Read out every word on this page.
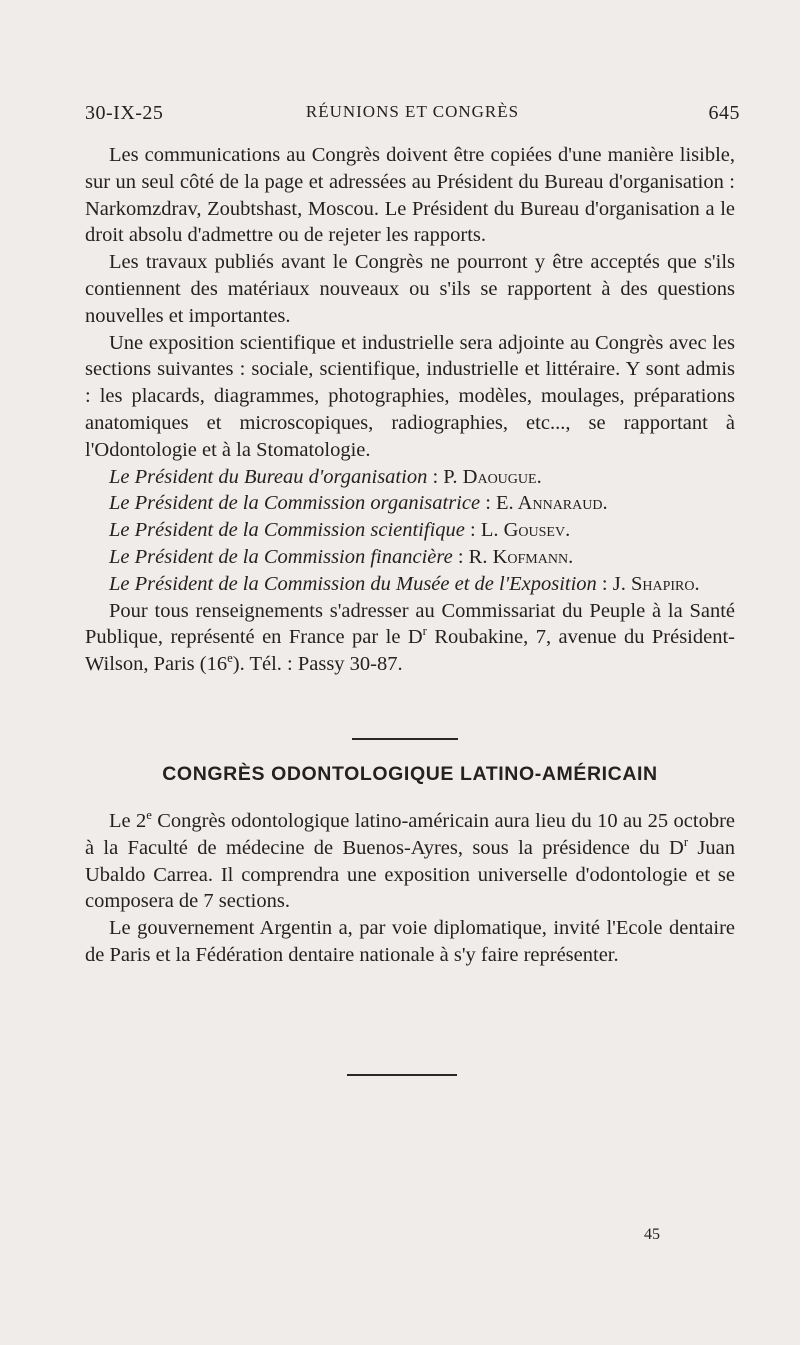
30-IX-25	RÉUNIONS ET CONGRÈS	645

Les communications au Congrès doivent être copiées d'une manière lisible, sur un seul côté de la page et adressées au Président du Bureau d'organisation : Narkomzdrav, Zoubtshast, Moscou. Le Président du Bureau d'organisation a le droit absolu d'admettre ou de rejeter les rapports.

Les travaux publiés avant le Congrès ne pourront y être acceptés que s'ils contiennent des matériaux nouveaux ou s'ils se rapportent à des questions nouvelles et importantes.

Une exposition scientifique et industrielle sera adjointe au Congrès avec les sections suivantes : sociale, scientifique, industrielle et littéraire. Y sont admis : les placards, diagrammes, photographies, modèles, moulages, préparations anatomiques et microscopiques, radiographies, etc..., se rapportant à l'Odontologie et à la Stomatologie.

Le Président du Bureau d'organisation : P. Daougue.

Le Président de la Commission organisatrice : E. Annaraud.

Le Président de la Commission scientifique : L. Gousev.

Le Président de la Commission financière : R. Kofmann.

Le Président de la Commission du Musée et de l'Exposition : J. Shapiro.

Pour tous renseignements s'adresser au Commissariat du Peuple à la Santé Publique, représenté en France par le $D^r$ Roubakine, 7, avenue du Président-Wilson, Paris (16e). Tél. : Passy 30-87.

CONGRÈS ODONTOLOGIQUE LATINO-AMÉRICAIN

Le 2e Congrès odontologique latino-américain aura lieu du 10 au 25 octobre à la Faculté de médecine de Buenos-Ayres, sous la présidence du $D^r$ Juan Ubaldo Carrea. Il comprendra une exposition universelle d'odontologie et se composera de 7 sections.

Le gouvernement Argentin a, par voie diplomatique, invité l'Ecole dentaire de Paris et la Fédération dentaire nationale à s'y faire représenter.

45
